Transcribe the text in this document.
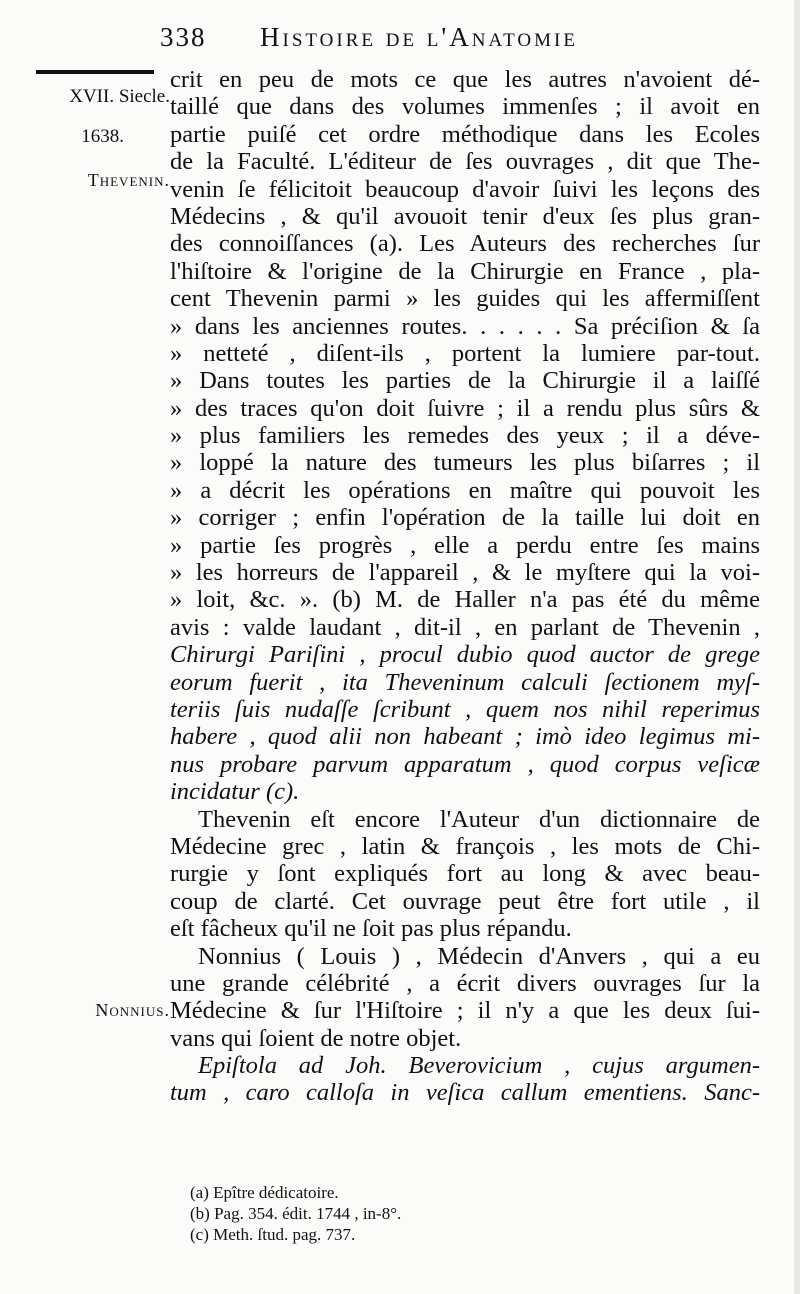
338 Histoire de l'Anatomie
XVII. Siecle.
1638.
Thevenin.
Nonnius.
crit en peu de mots ce que les autres n'avoient dé-
taillé que dans des volumes immenſes ; il avoit en
partie puiſé cet ordre méthodique dans les Ecoles
de la Faculté. L'éditeur de ſes ouvrages , dit que The-
venin ſe félicitoit beaucoup d'avoir ſuivi les leçons des
Médecins , & qu'il avouoit tenir d'eux ſes plus gran-
des connoiſſances (a). Les Auteurs des recherches ſur
l'hiſtoire & l'origine de la Chirurgie en France , pla-
cent Thevenin parmi » les guides qui les affermiſſent
» dans les anciennes routes. . . . . . Sa préciſion & ſa
» netteté , diſent-ils , portent la lumiere par-tout.
» Dans toutes les parties de la Chirurgie il a laiſſé
» des traces qu'on doit ſuivre ; il a rendu plus sûrs &
» plus familiers les remedes des yeux ; il a déve-
» loppé la nature des tumeurs les plus biſarres ; il
» a décrit les opérations en maître qui pouvoit les
» corriger ; enfin l'opération de la taille lui doit en
» partie ſes progrès , elle a perdu entre ſes mains
» les horreurs de l'appareil , & le myſtere qui la voi-
» loit, &c. ». (b) M. de Haller n'a pas été du même
avis : valde laudant , dit-il , en parlant de Thevenin ,
Chirurgi Pariſini , procul dubio quod auctor de grege
eorum fuerit , ita Theveninum calculi ſectionem myſ-
teriis ſuis nudaſſe ſcribunt , quem nos nihil reperimus
habere , quod alii non habeant ; imò ideo legimus mi-
nus probare parvum apparatum , quod corpus veſicæ
incidatur (c).
Thevenin eſt encore l'Auteur d'un dictionnaire de
Médecine grec , latin & françois , les mots de Chi-
rurgie y ſont expliqués fort au long & avec beau-
coup de clarté. Cet ouvrage peut être fort utile , il
eſt fâcheux qu'il ne ſoit pas plus répandu.
Nonnius ( Louis ) , Médecin d'Anvers , qui a eu
une grande célébrité , a écrit divers ouvrages ſur la
Médecine & ſur l'Hiſtoire ; il n'y a que les deux ſui-
vans qui ſoient de notre objet.
Epiſtola ad Joh. Beverovicium , cujus argumen-
tum , caro calloſa in veſica callum ementiens. Sanc-
(a) Epître dédicatoire.
(b) Pag. 354. édit. 1744 , in-8°.
(c) Meth. ſtud. pag. 737.
